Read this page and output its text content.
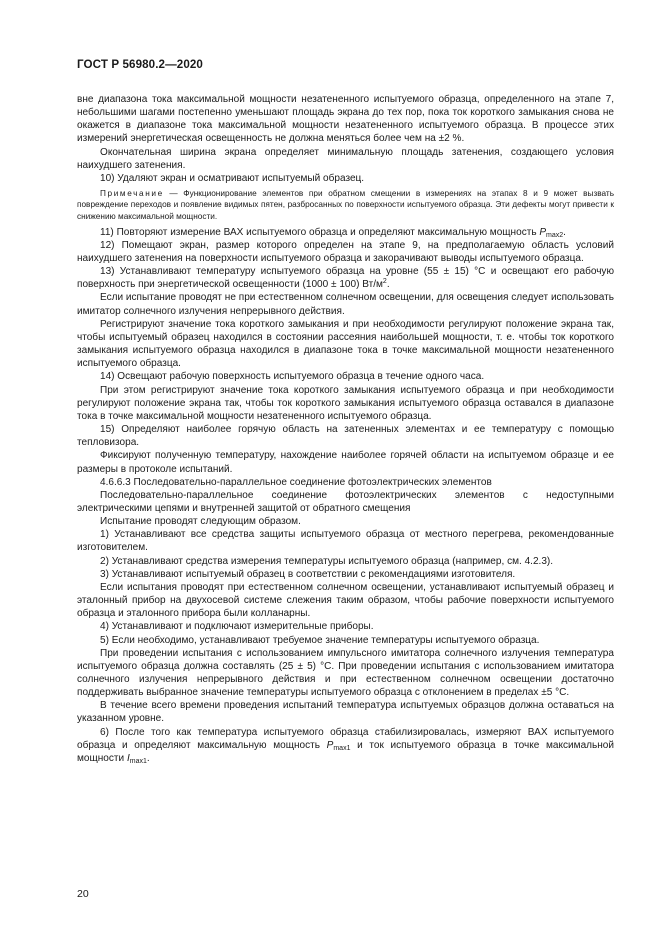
ГОСТ Р 56980.2—2020

вне диапазона тока максимальной мощности незатененного испытуемого образца, определенного на этапе 7, небольшими шагами постепенно уменьшают площадь экрана до тех пор, пока ток короткого замыкания снова не окажется в диапазоне тока максимальной мощности незатененного испытуемого образца. В процессе этих измерений энергетическая освещенность не должна меняться более чем на ±2 %.

Окончательная ширина экрана определяет минимальную площадь затенения, создающего условия наихудшего затенения.

10) Удаляют экран и осматривают испытуемый образец.

Примечание — Функционирование элементов при обратном смещении в измерениях на этапах 8 и 9 может вызвать повреждение переходов и появление видимых пятен, разбросанных по поверхности испытуемого образца. Эти дефекты могут привести к снижению максимальной мощности.

11) Повторяют измерение ВАХ испытуемого образца и определяют максимальную мощность $P_{max2}$.

12) Помещают экран, размер которого определен на этапе 9, на предполагаемую область условий наихудшего затенения на поверхности испытуемого образца и закорачивают выводы испытуемого образца.

13) Устанавливают температуру испытуемого образца на уровне (55 ± 15) °С и освещают его рабочую поверхность при энергетической освещенности (1000 ± 100) $Вт/м^2$.

Если испытание проводят не при естественном солнечном освещении, для освещения следует использовать имитатор солнечного излучения непрерывного действия.

Регистрируют значение тока короткого замыкания и при необходимости регулируют положение экрана так, чтобы испытуемый образец находился в состоянии рассеяния наибольшей мощности, т. е. чтобы ток короткого замыкания испытуемого образца находился в диапазоне тока в точке максимальной мощности незатененного испытуемого образца.

14) Освещают рабочую поверхность испытуемого образца в течение одного часа.

При этом регистрируют значение тока короткого замыкания испытуемого образца и при необходимости регулируют положение экрана так, чтобы ток короткого замыкания испытуемого образца оставался в диапазоне тока в точке максимальной мощности незатененного испытуемого образца.

15) Определяют наиболее горячую область на затененных элементах и ее температуру с помощью тепловизора.

Фиксируют полученную температуру, нахождение наиболее горячей области на испытуемом образце и ее размеры в протоколе испытаний.

4.6.6.3 Последовательно-параллельное соединение фотоэлектрических элементов

Последовательно-параллельное соединение фотоэлектрических элементов с недоступными электрическими цепями и внутренней защитой от обратного смещения

Испытание проводят следующим образом.

1) Устанавливают все средства защиты испытуемого образца от местного перегрева, рекомендованные изготовителем.

2) Устанавливают средства измерения температуры испытуемого образца (например, см. 4.2.3).

3) Устанавливают испытуемый образец в соответствии с рекомендациями изготовителя.

Если испытания проводят при естественном солнечном освещении, устанавливают испытуемый образец и эталонный прибор на двухосевой системе слежения таким образом, чтобы рабочие поверхности испытуемого образца и эталонного прибора были колланарны.

4) Устанавливают и подключают измерительные приборы.

5) Если необходимо, устанавливают требуемое значение температуры испытуемого образца.

При проведении испытания с использованием импульсного имитатора солнечного излучения температура испытуемого образца должна составлять (25 ± 5) °С. При проведении испытания с использованием имитатора солнечного излучения непрерывного действия и при естественном солнечном освещении достаточно поддерживать выбранное значение температуры испытуемого образца с отклонением в пределах ±5 °С.

В течение всего времени проведения испытаний температура испытуемых образцов должна оставаться на указанном уровне.

6) После того как температура испытуемого образца стабилизировалась, измеряют ВАХ испытуемого образца и определяют максимальную мощность $P_{max1}$ и ток испытуемого образца в точке максимальной мощности $I_{max1}$.

20
